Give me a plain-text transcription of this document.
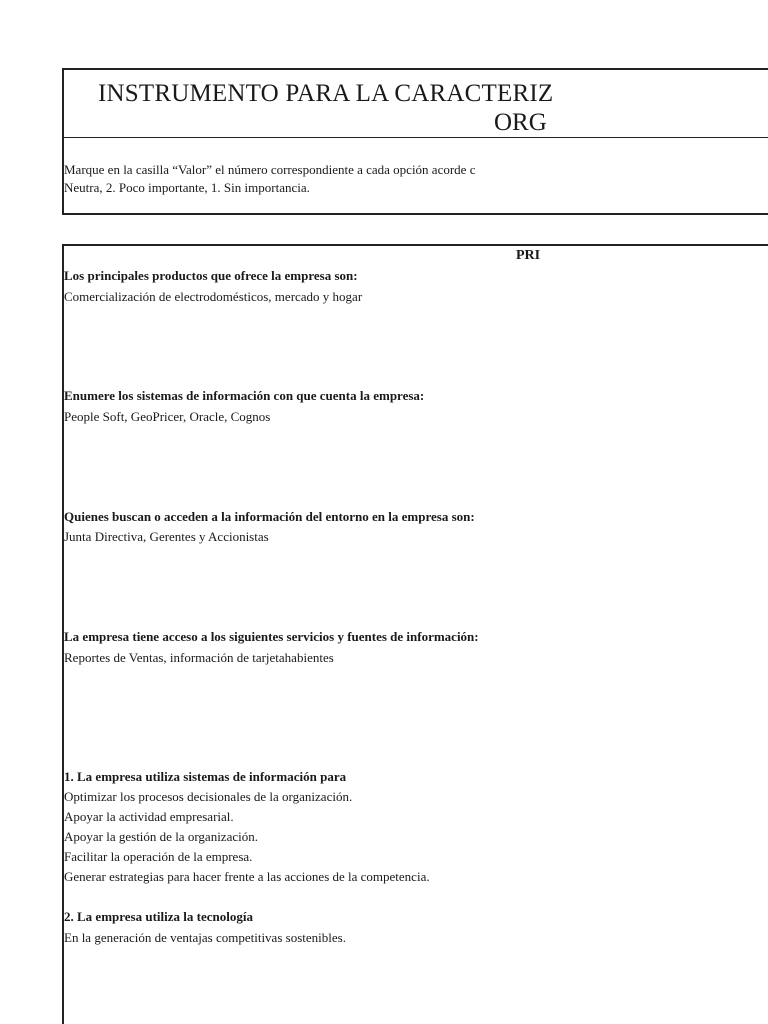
INSTRUMENTO PARA LA CARACTERIZ
ORG
Marque en la casilla “Valor” el número correspondiente a cada opción acorde c
Neutra, 2. Poco importante, 1. Sin importancia.
PRI
Los principales productos que ofrece la empresa son:
Comercialización de electrodomésticos, mercado y hogar
Enumere los sistemas de información con que cuenta la empresa:
People Soft, GeoPricer, Oracle, Cognos
Quienes buscan o acceden a la información del entorno en la empresa son:
Junta Directiva, Gerentes y Accionistas
La empresa tiene acceso a los siguientes servicios y fuentes de información:
Reportes de Ventas, información de tarjetahabientes
1. La empresa utiliza sistemas de información para
Optimizar los procesos decisionales de la organización.
Apoyar la actividad empresarial.
Apoyar la gestión de la organización.
Facilitar la operación de la empresa.
Generar estrategias para hacer frente a las acciones de la competencia.
2. La empresa utiliza la tecnología
En la generación de ventajas competitivas sostenibles.
